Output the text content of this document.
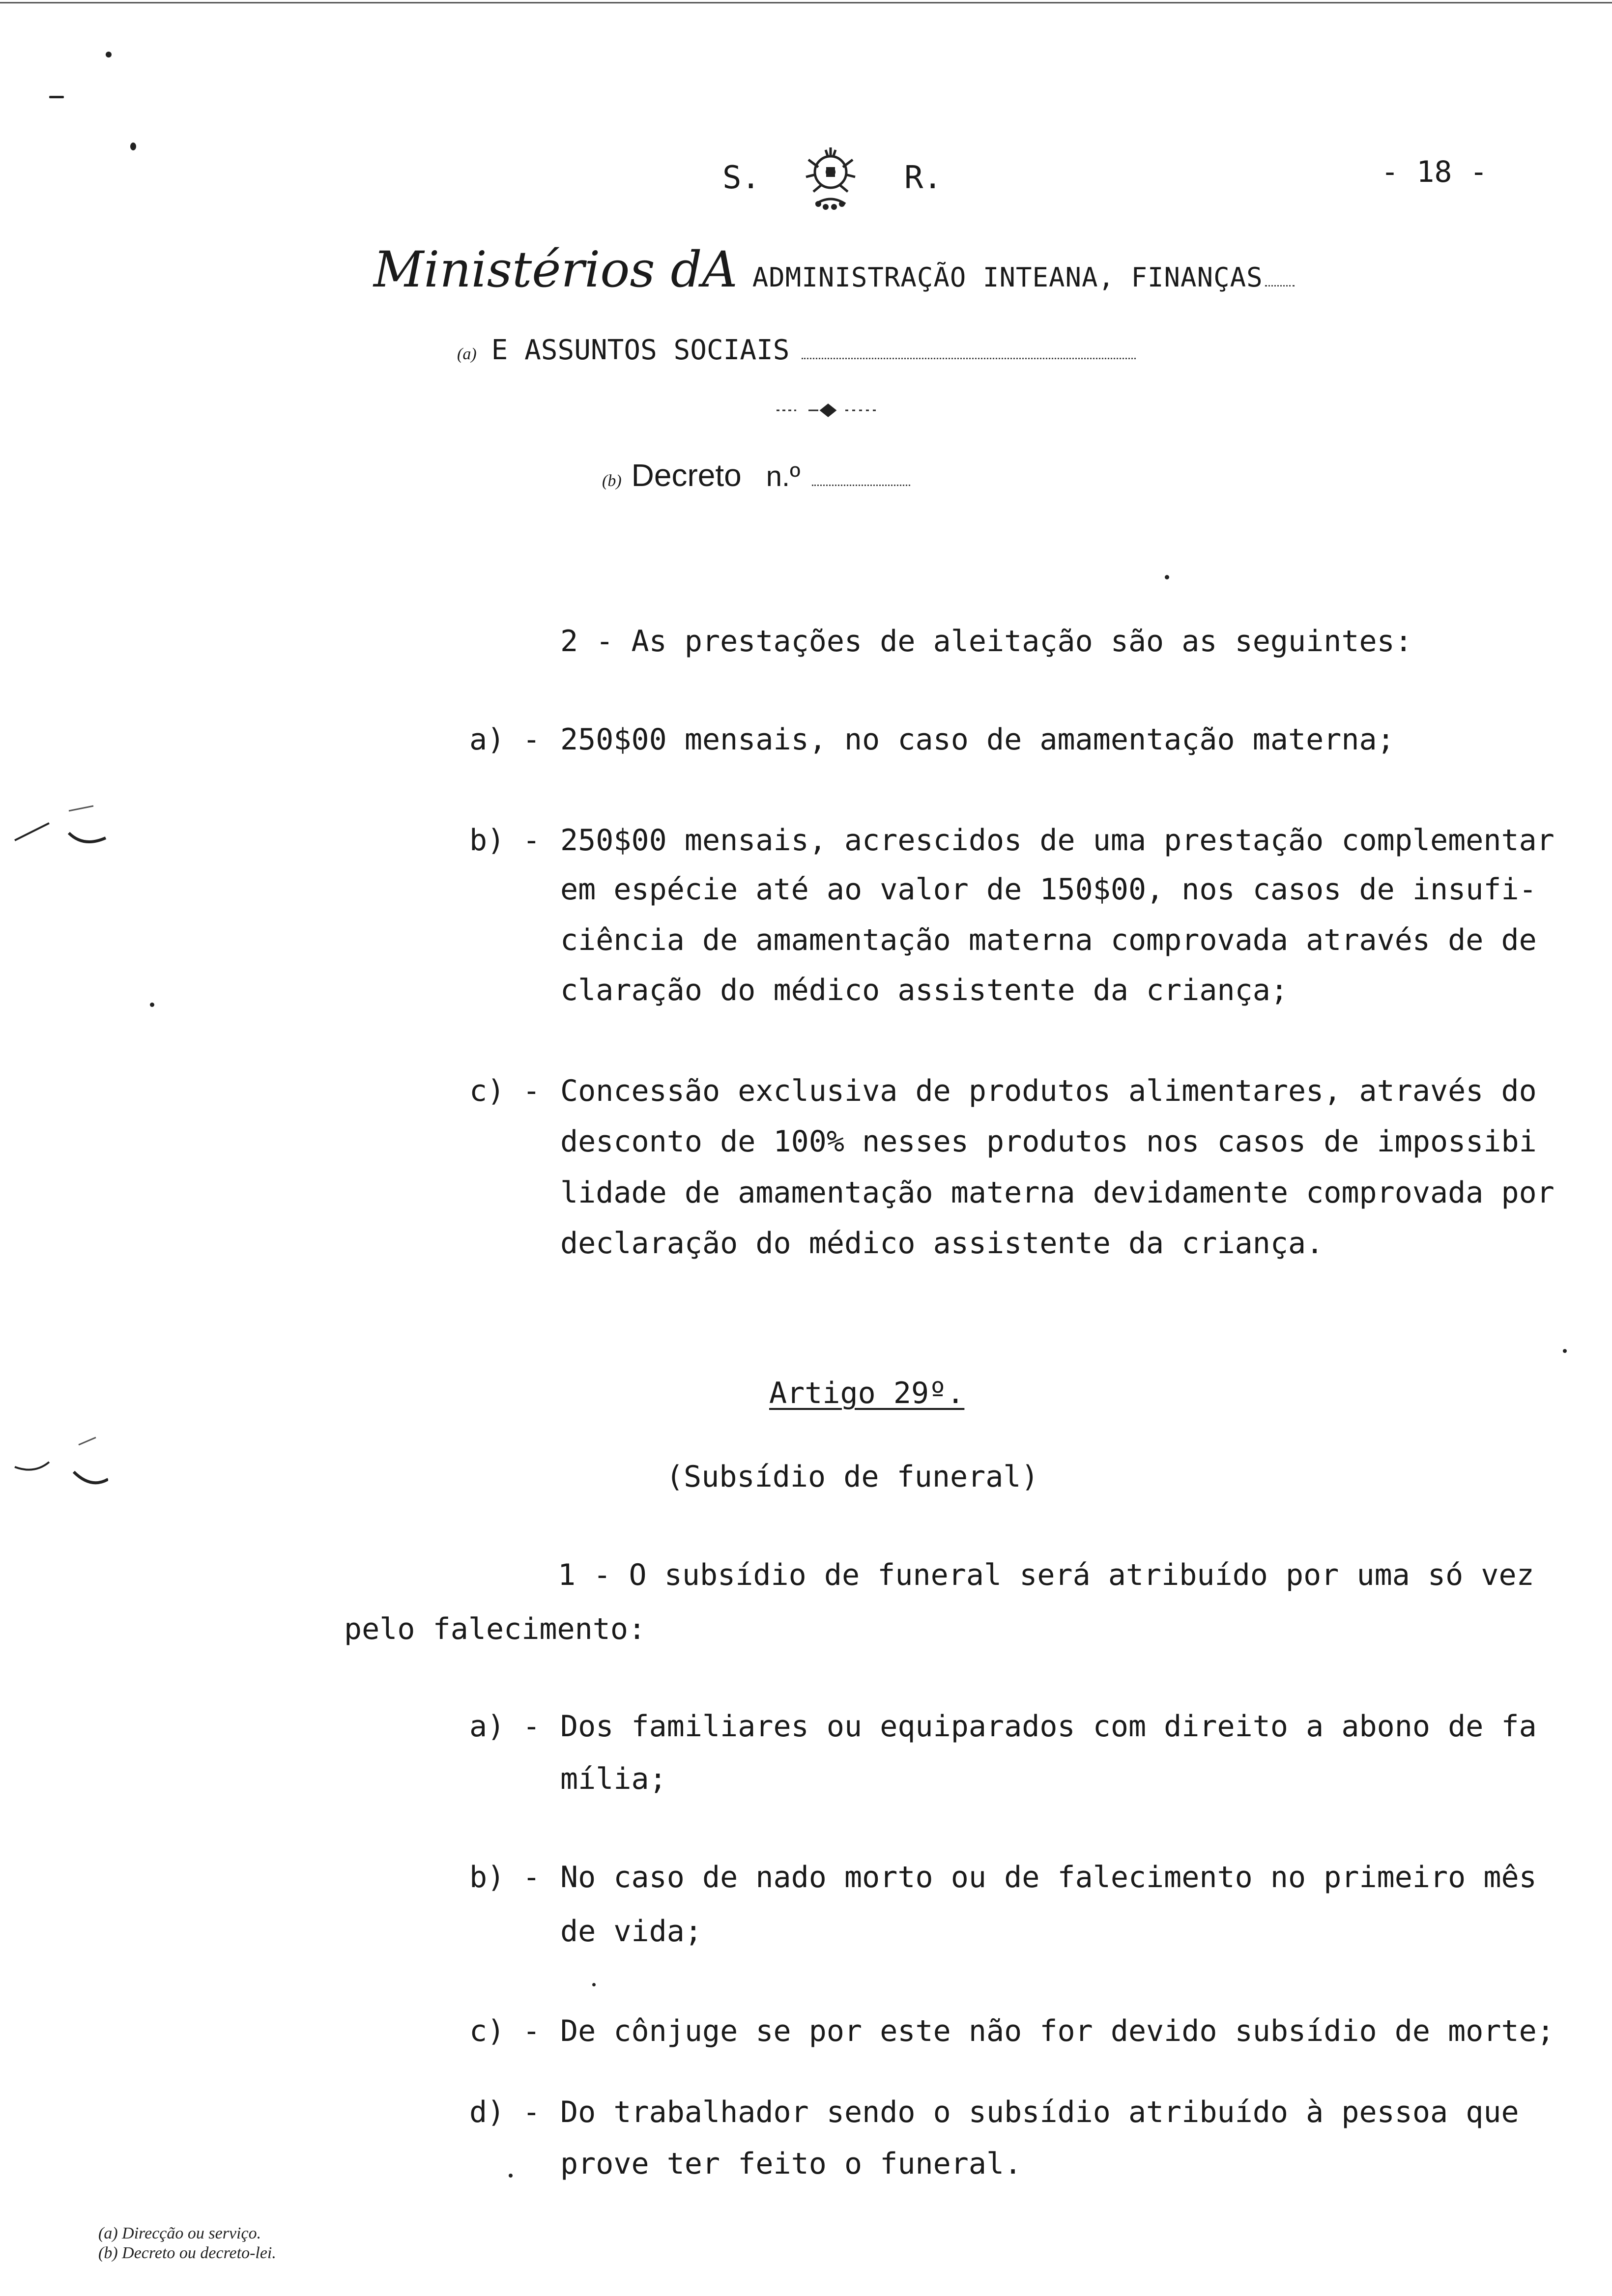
S.	R.	- 18 -
Ministérios dA ADMINISTRAÇÃO INTEANA, FINANÇAS
(a) E ASSUNTOS SOCIAIS
(b) Decreto n.º
2 - As prestações de aleitação são as seguintes:
a) - 250$00 mensais, no caso de amamentação materna;
b) - 250$00 mensais, acrescidos de uma prestação complementar
em espécie até ao valor de 150$00, nos casos de insufi-
ciência de amamentação materna comprovada através de de
claração do médico assistente da criança;
c) - Concessão exclusiva de produtos alimentares, através do
desconto de 100% nesses produtos nos casos de impossibi
lidade de amamentação materna devidamente comprovada por
declaração do médico assistente da criança.
Artigo 29º.
(Subsídio de funeral)
1 - O subsídio de funeral será atribuído por uma só vez
pelo falecimento:
a) - Dos familiares ou equiparados com direito a abono de fa
mília;
b) - No caso de nado morto ou de falecimento no primeiro mês
de vida;
c) - De cônjuge se por este não for devido subsídio de morte;
d) - Do trabalhador sendo o subsídio atribuído à pessoa que
prove ter feito o funeral.
(a) Direcção ou serviço.
(b) Decreto ou decreto-lei.
